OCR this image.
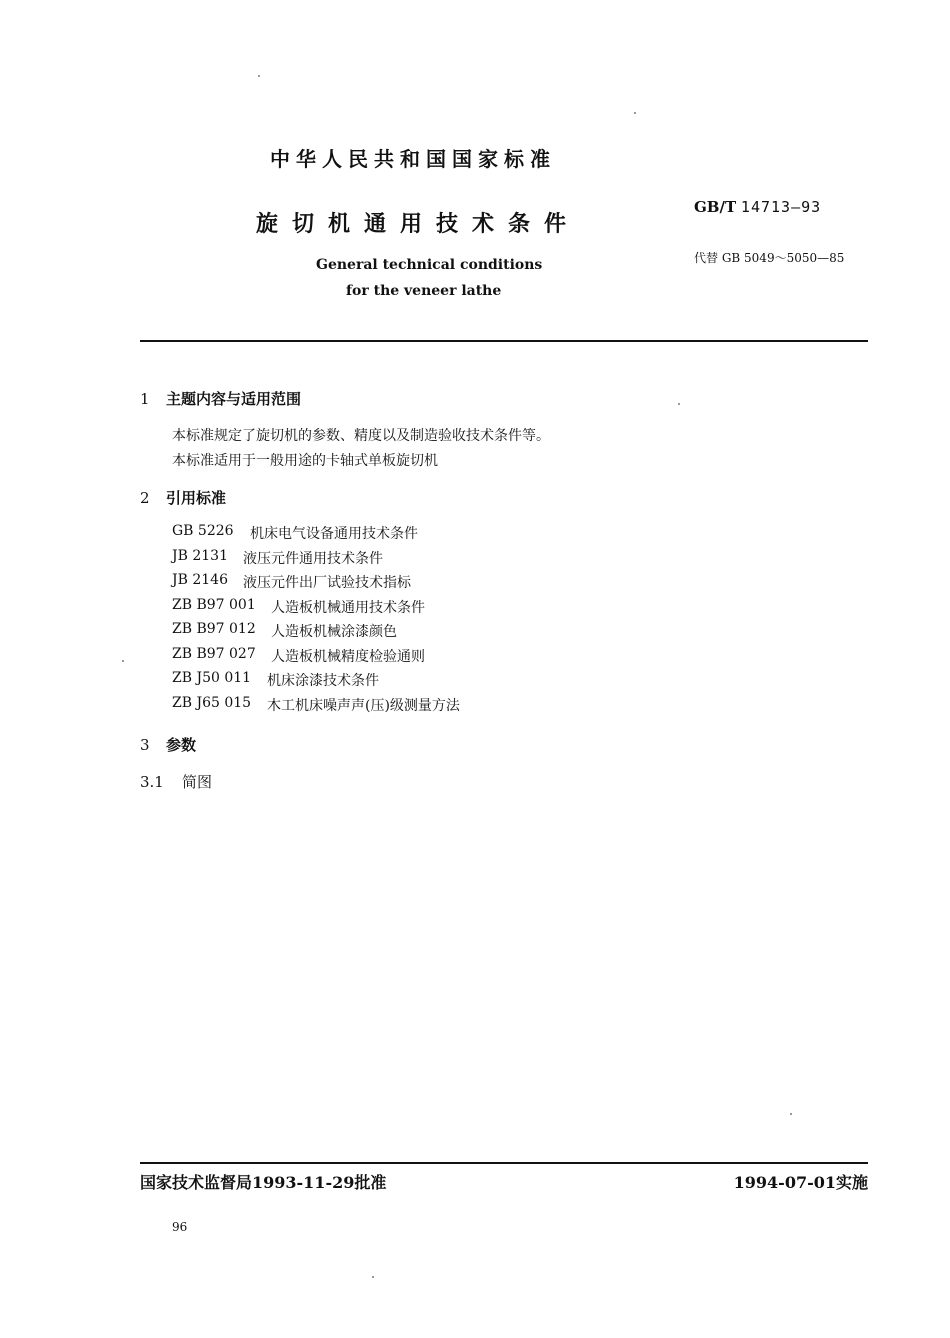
中华人民共和国国家标准
旋切机通用技术条件
General technical conditions
for the veneer lathe
GB/T 14713—93
代替 GB 5049～5050—85
1 主题内容与适用范围
本标准规定了旋切机的参数、精度以及制造验收技术条件等。
本标准适用于一般用途的卡轴式单板旋切机
2 引用标准
GB 5226 机床电气设备通用技术条件
JB 2131 液压元件通用技术条件
JB 2146 液压元件出厂试验技术指标
ZB B97 001 人造板机械通用技术条件
ZB B97 012 人造板机械涂漆颜色
ZB B97 027 人造板机械精度检验通则
ZB J50 011 机床涂漆技术条件
ZB J65 015 木工机床噪声声(压)级测量方法
3 参数
3.1 简图
国家技术监督局1993-11-29批准	1994-07-01实施
96
